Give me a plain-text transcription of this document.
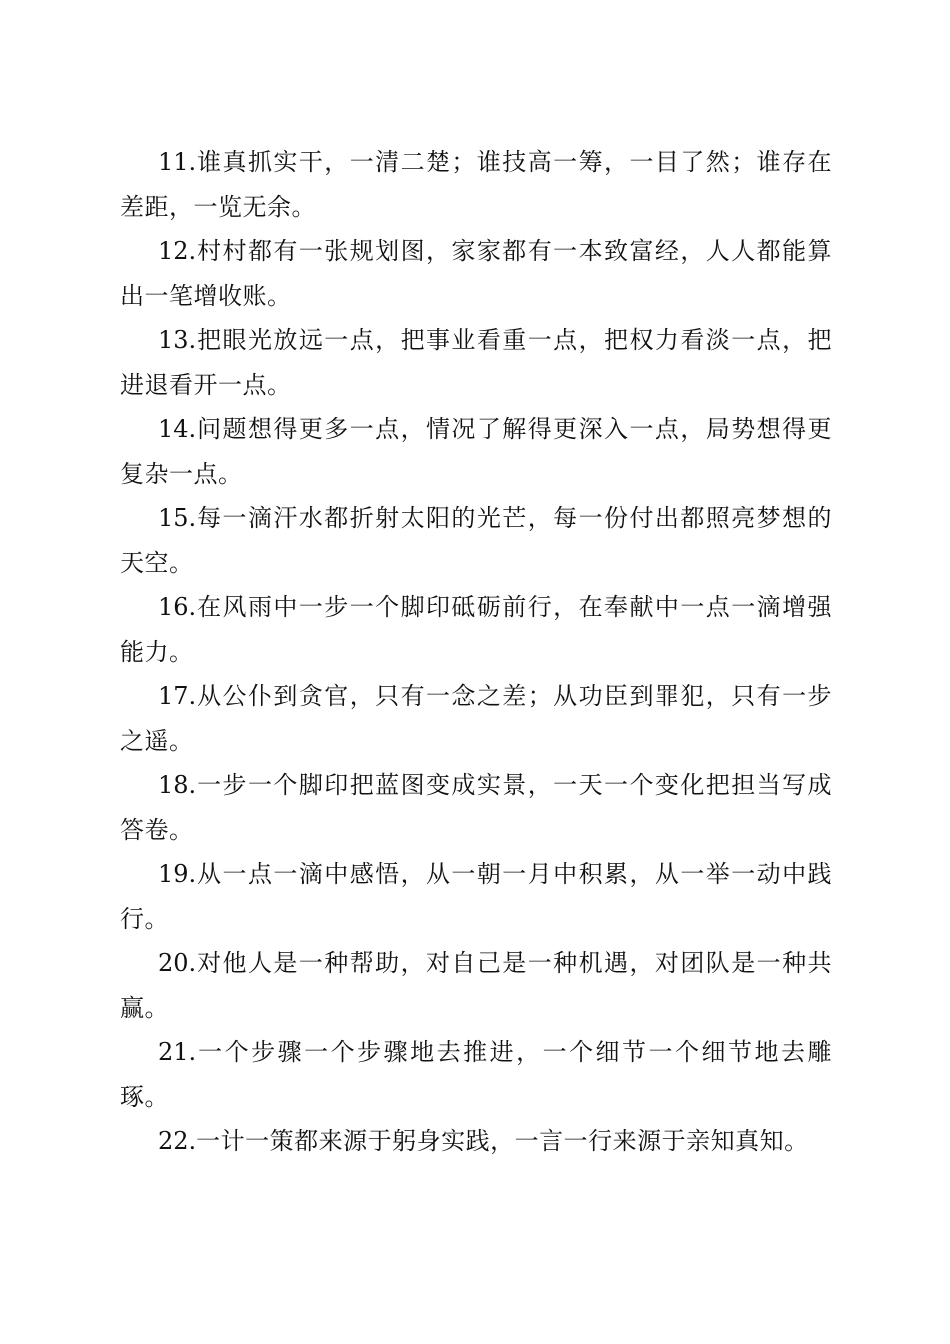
11.谁真抓实干，一清二楚；谁技高一筹，一目了然；谁存在差距，一览无余。

12.村村都有一张规划图，家家都有一本致富经，人人都能算出一笔增收账。

13.把眼光放远一点，把事业看重一点，把权力看淡一点，把进退看开一点。

14.问题想得更多一点，情况了解得更深入一点，局势想得更复杂一点。

15.每一滴汗水都折射太阳的光芒，每一份付出都照亮梦想的天空。

16.在风雨中一步一个脚印砥砺前行，在奉献中一点一滴增强能力。

17.从公仆到贪官，只有一念之差；从功臣到罪犯，只有一步之遥。

18.一步一个脚印把蓝图变成实景，一天一个变化把担当写成答卷。

19.从一点一滴中感悟，从一朝一月中积累，从一举一动中践行。

20.对他人是一种帮助，对自己是一种机遇，对团队是一种共赢。

21.一个步骤一个步骤地去推进，一个细节一个细节地去雕琢。

22.一计一策都来源于躬身实践，一言一行来源于亲知真知。
